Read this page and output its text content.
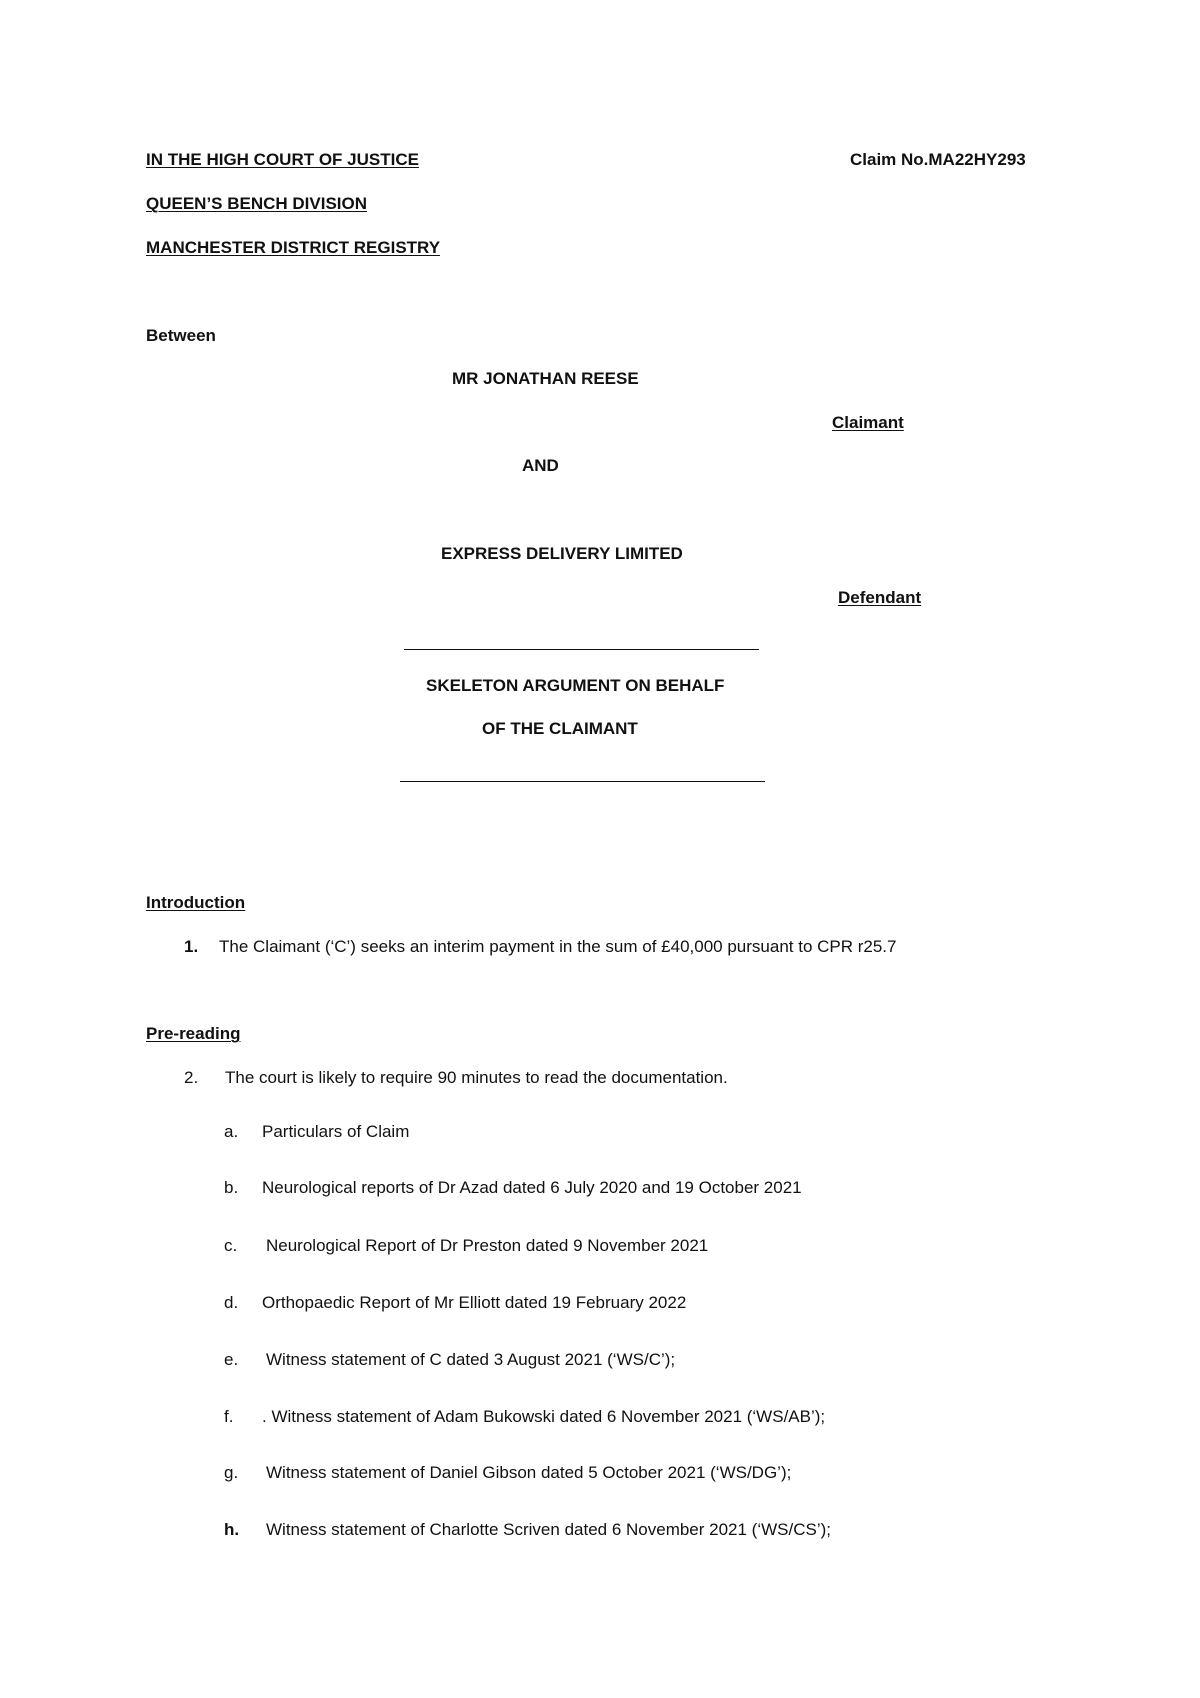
IN THE HIGH COURT OF JUSTICE	Claim No.MA22HY293
QUEEN’S BENCH DIVISION
MANCHESTER DISTRICT REGISTRY
Between
MR JONATHAN REESE
Claimant
AND
EXPRESS DELIVERY LIMITED
Defendant
SKELETON ARGUMENT ON BEHALF
OF THE CLAIMANT
Introduction
1. The Claimant (‘C’) seeks an interim payment in the sum of £40,000 pursuant to CPR r25.7
Pre-reading
2. The court is likely to require 90 minutes to read the documentation.
a. Particulars of Claim
b. Neurological reports of Dr Azad dated 6 July 2020 and 19 October 2021
c. Neurological Report of Dr Preston dated 9 November 2021
d. Orthopaedic Report of Mr Elliott dated 19 February 2022
e. Witness statement of C dated 3 August 2021 (‘WS/C’);
f. . Witness statement of Adam Bukowski dated 6 November 2021 (‘WS/AB’);
g. Witness statement of Daniel Gibson dated 5 October 2021 (‘WS/DG’);
h. Witness statement of Charlotte Scriven dated 6 November 2021 (‘WS/CS’);
